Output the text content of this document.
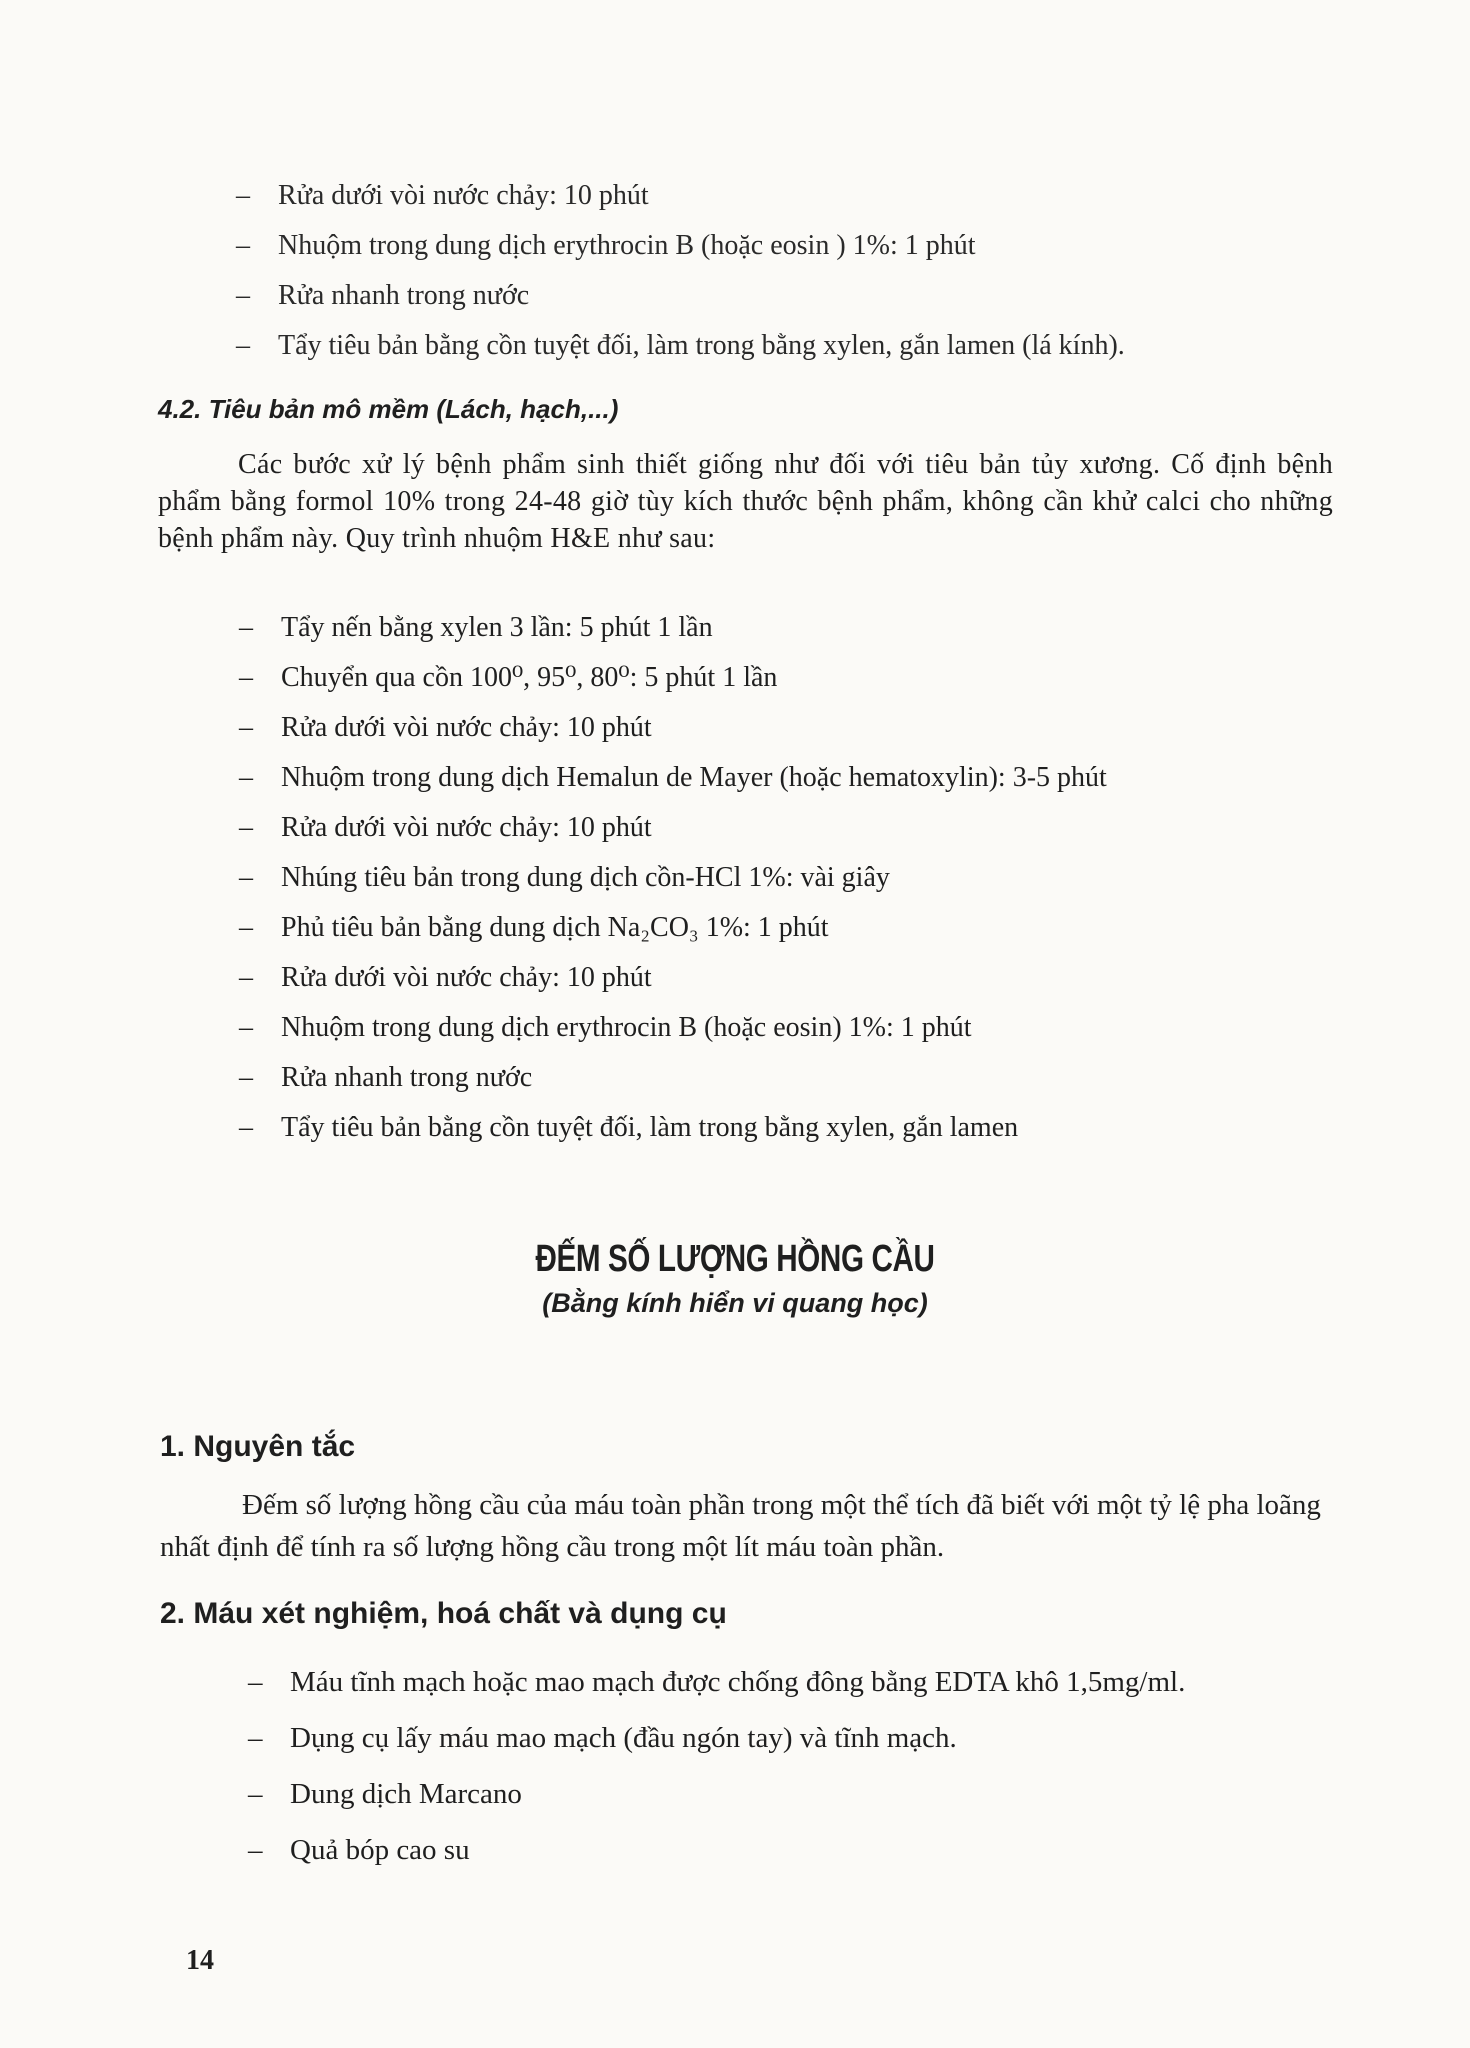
– Rửa dưới vòi nước chảy: 10 phút
– Nhuộm trong dung dịch erythrocin B (hoặc eosin ) 1%: 1 phút
– Rửa nhanh trong nước
– Tẩy tiêu bản bằng cồn tuyệt đối, làm trong bằng xylen, gắn lamen (lá kính).
4.2. Tiêu bản mô mềm (Lách, hạch,...)

Các bước xử lý bệnh phẩm sinh thiết giống như đối với tiêu bản tủy xương. Cố định bệnh phẩm bằng formol 10% trong 24-48 giờ tùy kích thước bệnh phẩm, không cần khử calci cho những bệnh phẩm này. Quy trình nhuộm H&E như sau:

– Tẩy nến bằng xylen 3 lần: 5 phút 1 lần
– Chuyển qua cồn 100⁰, 95⁰, 80⁰: 5 phút 1 lần
– Rửa dưới vòi nước chảy: 10 phút
– Nhuộm trong dung dịch Hemalun de Mayer (hoặc hematoxylin): 3-5 phút
– Rửa dưới vòi nước chảy: 10 phút
– Nhúng tiêu bản trong dung dịch cồn-HCl 1%: vài giây
– Phủ tiêu bản bằng dung dịch Na₂CO₃ 1%: 1 phút
– Rửa dưới vòi nước chảy: 10 phút
– Nhuộm trong dung dịch erythrocin B (hoặc eosin) 1%: 1 phút
– Rửa nhanh trong nước
– Tẩy tiêu bản bằng cồn tuyệt đối, làm trong bằng xylen, gắn lamen
ĐẾM SỐ LƯỢNG HỒNG CẦU
(Bằng kính hiển vi quang học)
1. Nguyên tắc

Đếm số lượng hồng cầu của máu toàn phần trong một thể tích đã biết với một tỷ lệ pha loãng nhất định để tính ra số lượng hồng cầu trong một lít máu toàn phần.

2. Máu xét nghiệm, hoá chất và dụng cụ
– Máu tĩnh mạch hoặc mao mạch được chống đông bằng EDTA khô 1,5mg/ml.
– Dụng cụ lấy máu mao mạch (đầu ngón tay) và tĩnh mạch.
– Dung dịch Marcano
– Quả bóp cao su
14
